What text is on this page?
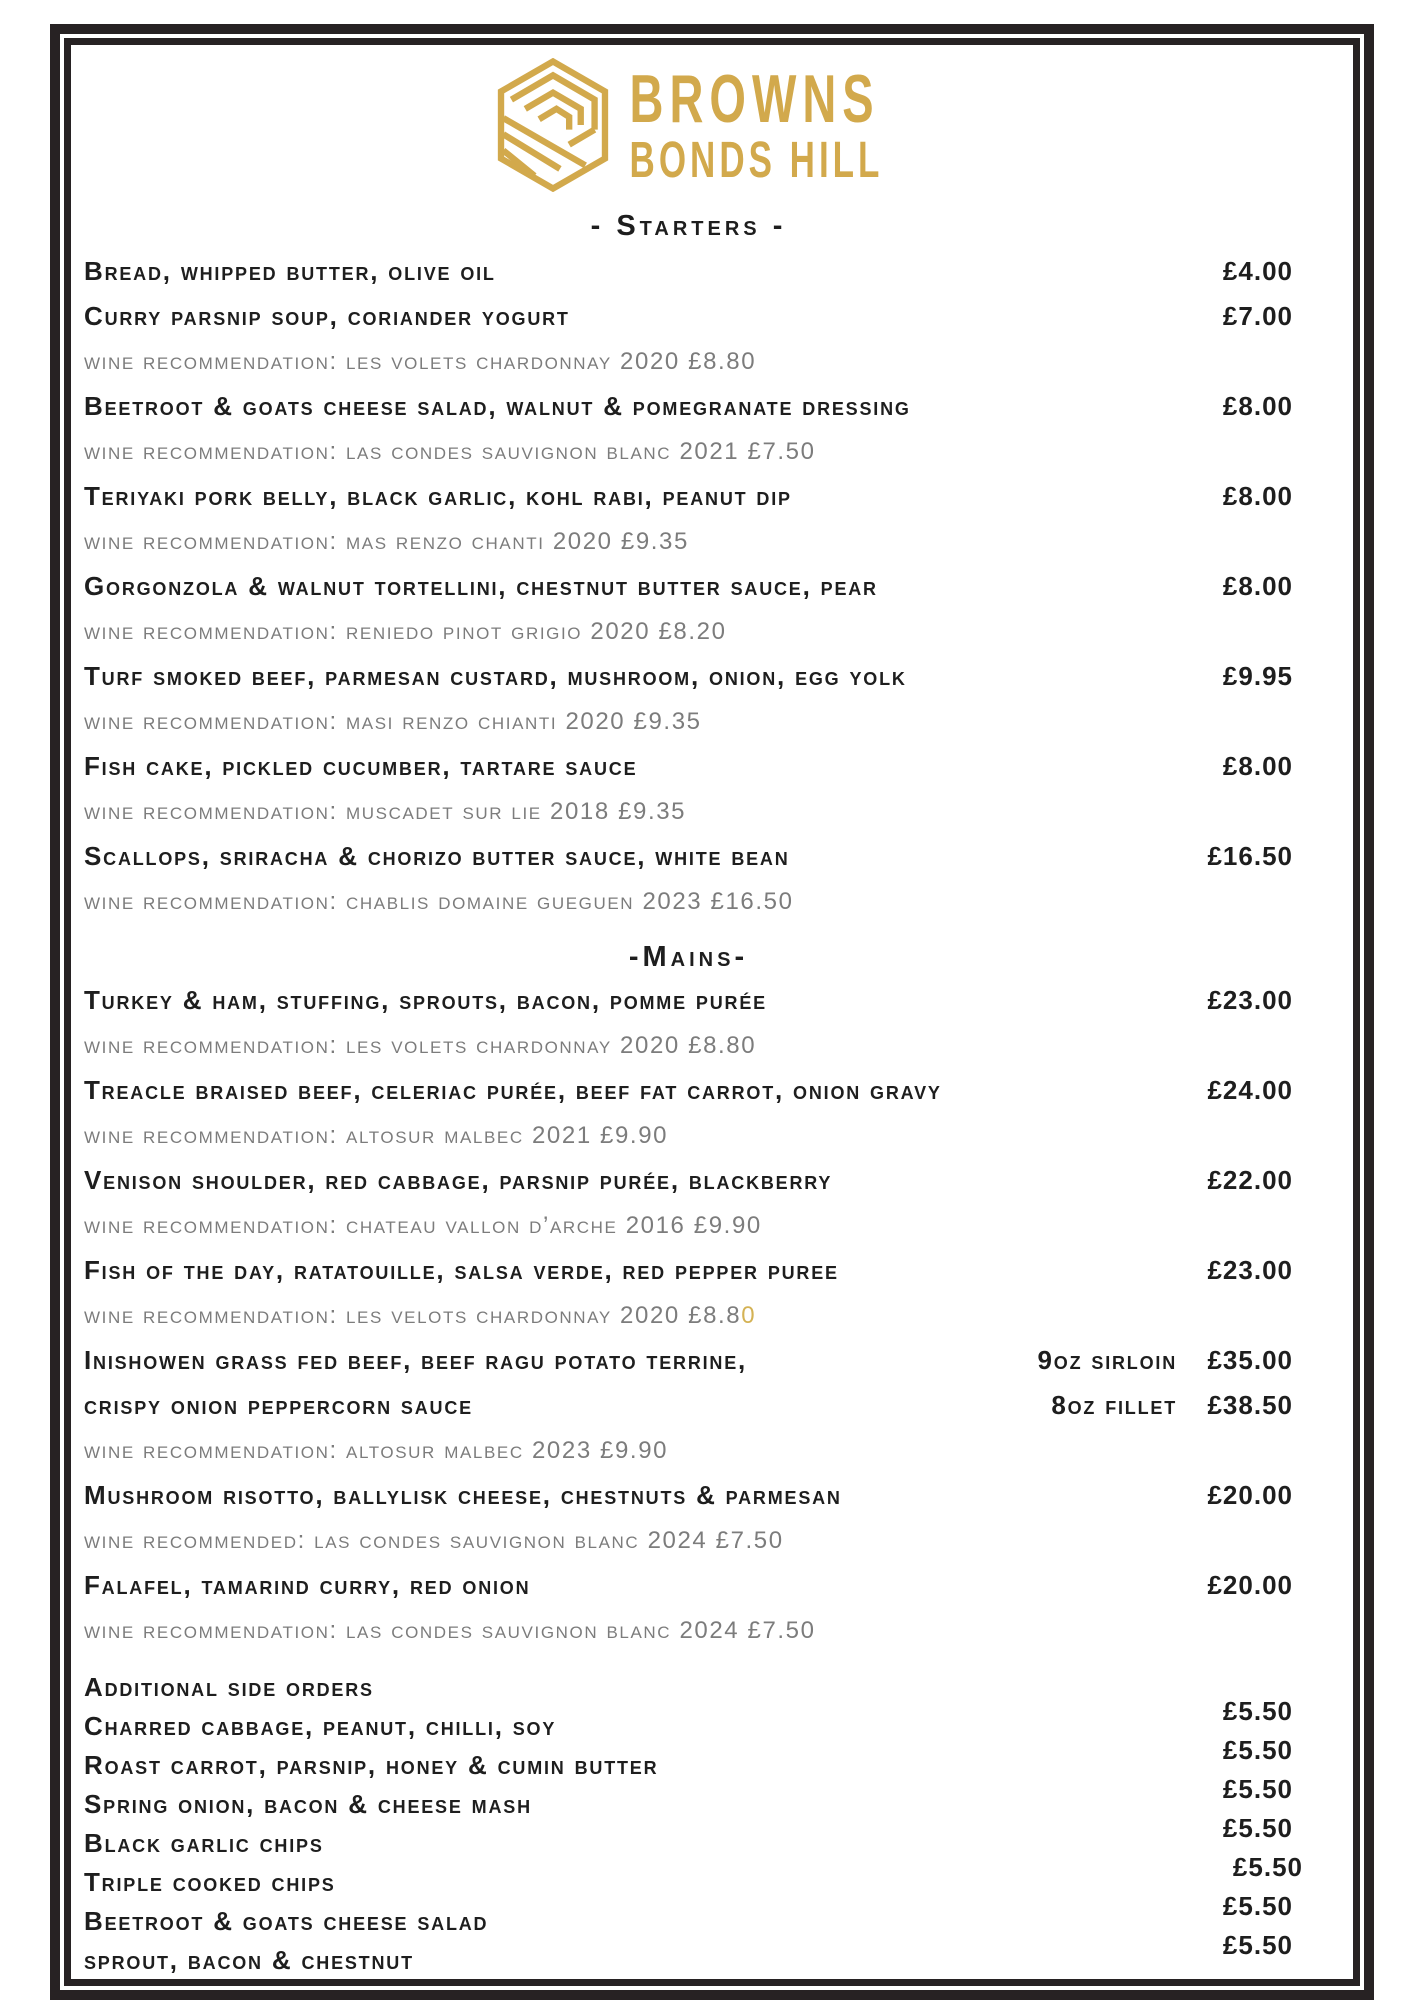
BROWNS
BONDS HILL
- Starters -
Bread, whipped butter, olive oil	£4.00
Curry parsnip soup, coriander yogurt	£7.00
wine recommendation: les volets chardonnay 2020 £8.80
Beetroot & goats cheese salad, walnut & pomegranate dressing	£8.00
wine recommendation: las condes sauvignon blanc 2021 £7.50
Teriyaki pork belly, black garlic, kohl rabi, peanut dip	£8.00
wine recommendation: mas renzo chanti 2020 £9.35
Gorgonzola & walnut tortellini, chestnut butter sauce, pear	£8.00
wine recommendation: reniedo pinot grigio 2020 £8.20
Turf smoked beef, parmesan custard, mushroom, onion, egg yolk	£9.95
wine recommendation: masi renzo chianti 2020 £9.35
Fish cake, pickled cucumber, tartare sauce	£8.00
wine recommendation: muscadet sur lie 2018 £9.35
Scallops, sriracha & chorizo butter sauce, white bean	£16.50
wine recommendation: chablis domaine gueguen 2023 £16.50
-Mains-
Turkey & ham, stuffing, sprouts, bacon, pomme purée	£23.00
wine recommendation: les volets chardonnay 2020 £8.80
Treacle braised beef, celeriac purée, beef fat carrot, onion gravy	£24.00
wine recommendation: altosur malbec 2021 £9.90
Venison shoulder, red cabbage, parsnip purée, blackberry	£22.00
wine recommendation: chateau vallon d’arche 2016 £9.90
Fish of the day, ratatouille, salsa verde, red pepper puree	£23.00
wine recommendation: les velots chardonnay 2020 £8.8 0
Inishowen grass fed beef, beef ragu potato terrine,	9oz sirloin	£35.00
crispy onion peppercorn sauce	8oz fillet	£38.50
wine recommendation: altosur malbec 2023 £9.90
Mushroom risotto, ballylisk cheese, chestnuts & parmesan	£20.00
wine recommended: las condes sauvignon blanc 2024 £7.50
Falafel, tamarind curry, red onion	£20.00
wine recommendation: las condes sauvignon blanc 2024 £7.50
Additional side orders
Charred cabbage, peanut, chilli, soy	£5.50
Roast carrot, parsnip, honey & cumin butter	£5.50
Spring onion, bacon & cheese mash	£5.50
Black garlic chips	£5.50
Triple cooked chips	£5.50
Beetroot & goats cheese salad	£5.50
sprout, bacon & chestnut	£5.50
